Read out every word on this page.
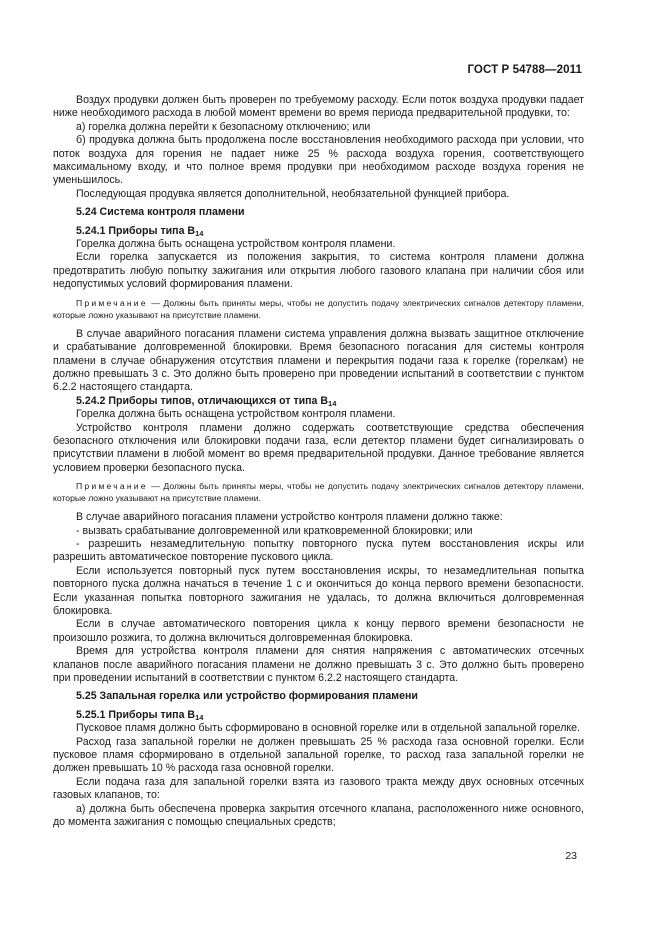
ГОСТ Р 54788—2011

Воздух продувки должен быть проверен по требуемому расходу. Если поток воздуха продувки падает ниже необходимого расхода в любой момент времени во время периода предварительной продувки, то:

а) горелка должна перейти к безопасному отключению; или

б) продувка должна быть продолжена после восстановления необходимого расхода при условии, что поток воздуха для горения не падает ниже 25 % расхода воздуха горения, соответствующего максимальному входу, и что полное время продувки при необходимом расходе воздуха горения не уменьшилось.

Последующая продувка является дополнительной, необязательной функцией прибора.

5.24 Система контроля пламени

5.24.1 Приборы типа $B_{14}$

Горелка должна быть оснащена устройством контроля пламени.

Если горелка запускается из положения закрытия, то система контроля пламени должна предотвратить любую попытку зажигания или открытия любого газового клапана при наличии сбоя или недопустимых условий формирования пламени.

Примечание — Должны быть приняты меры, чтобы не допустить подачу электрических сигналов детектору пламени, которые ложно указывают на присутствие пламени.

В случае аварийного погасания пламени система управления должна вызвать защитное отключение и срабатывание долговременной блокировки. Время безопасного погасания для системы контроля пламени в случае обнаружения отсутствия пламени и перекрытия подачи газа к горелке (горелкам) не должно превышать 3 с. Это должно быть проверено при проведении испытаний в соответствии с пунктом 6.2.2 настоящего стандарта.

5.24.2 Приборы типов, отличающихся от типа $B_{14}$

Горелка должна быть оснащена устройством контроля пламени.

Устройство контроля пламени должно содержать соответствующие средства обеспечения безопасного отключения или блокировки подачи газа, если детектор пламени будет сигнализировать о присутствии пламени в любой момент во время предварительной продувки. Данное требование является условием проверки безопасного пуска.

Примечание — Должны быть приняты меры, чтобы не допустить подачу электрических сигналов детектору пламени, которые ложно указывают на присутствие пламени.

В случае аварийного погасания пламени устройство контроля пламени должно также:

- вызвать срабатывание долговременной или кратковременной блокировки; или

- разрешить незамедлительную попытку повторного пуска путем восстановления искры или разрешить автоматическое повторение пускового цикла.

Если используется повторный пуск путем восстановления искры, то незамедлительная попытка повторного пуска должна начаться в течение 1 с и окончиться до конца первого времени безопасности. Если указанная попытка повторного зажигания не удалась, то должна включиться долговременная блокировка.

Если в случае автоматического повторения цикла к концу первого времени безопасности не произошло розжига, то должна включиться долговременная блокировка.

Время для устройства контроля пламени для снятия напряжения с автоматических отсечных клапанов после аварийного погасания пламени не должно превышать 3 с. Это должно быть проверено при проведении испытаний в соответствии с пунктом 6.2.2 настоящего стандарта.

5.25 Запальная горелка или устройство формирования пламени

5.25.1 Приборы типа $B_{14}$

Пусковое пламя должно быть сформировано в основной горелке или в отдельной запальной горелке.

Расход газа запальной горелки не должен превышать 25 % расхода газа основной горелки. Если пусковое пламя сформировано в отдельной запальной горелке, то расход газа запальной горелки не должен превышать 10 % расхода газа основной горелки.

Если подача газа для запальной горелки взята из газового тракта между двух основных отсечных газовых клапанов, то:

а) должна быть обеспечена проверка закрытия отсечного клапана, расположенного ниже основного, до момента зажигания с помощью специальных средств;

23
